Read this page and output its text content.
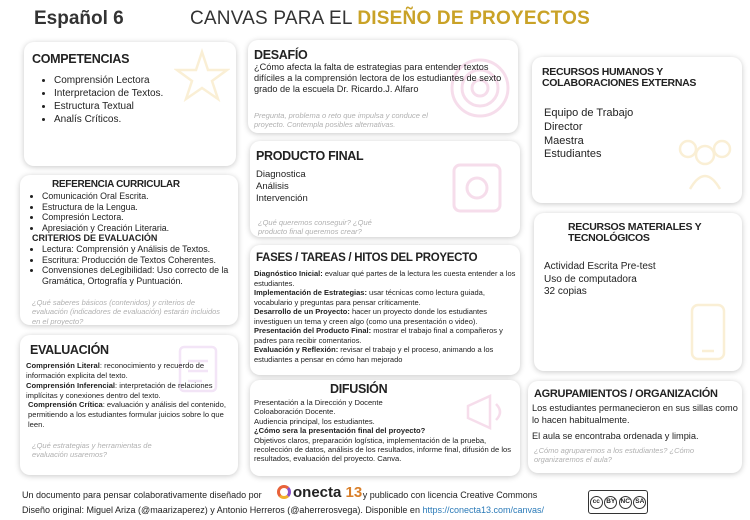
Español 6	CANVAS PARA EL DISEÑO DE PROYECTOS
COMPETENCIAS
• Comprensión Lectora
• Interpretacion de Textos.
• Estructura Textual
• Analís Críticos.
REFERENCIA CURRICULAR
• Comunicación Oral Escrita.
• Estructura de la Lengua.
• Compresión Lectora.
• Apresiación y Creación Literaria.
CRITERIOS DE EVALUACIÓN
• Lectura: Comprensión y Análisis de Textos.
• Escritura: Producción de Textos Coherentes.
• Convensiones deLegibilidad: Uso correcto de la Gramática, Ortografía y Puntuación.
¿Qué saberes básicos (contenidos) y criterios de evaluación (indicadores de evaluación) estarán incluidos en el proyecto?
EVALUACIÓN

Comprensión Literal: reconocimiento y recuerdo de información explicita del texto.

Comprensión Inferencial: interpretación de relaciones implícitas y conexiones dentro del texto.

Comprensión Crítica: evaluación y análisis del contenido, permitiendo a los estudiantes formular juicios sobre lo que leen.

¿Qué estrategias y herramientas de evaluación usaremos?
DESAFÍO
¿Cómo afecta la falta de estrategias para entender textos difíciles a la comprensión lectora de los estudiantes de sexto grado de la escuela Dr. Ricardo.J. Alfaro
Pregunta, problema o reto que impulsa y conduce el proyecto. Contempla posibles alternativas.
PRODUCTO FINAL
Diagnostica
Análisis
Intervención
¿Qué queremos conseguir? ¿Qué producto final queremos crear?
FASES / TAREAS / HITOS DEL PROYECTO

Diagnóstico Inicial: evaluar qué partes de la lectura les cuesta entender a los estudiantes.

Implementación de Estrategias: usar técnicas como lectura guiada, vocabulario y preguntas para pensar críticamente.

Desarrollo de un Proyecto: hacer un proyecto donde los estudiantes investiguen un tema y creen algo (como una presentación o video).

Presentación del Producto Final: mostrar el trabajo final a compañeros y padres para recibir comentarios.

Evaluación y Reflexión: revisar el trabajo y el proceso, animando a los estudiantes a pensar en cómo han mejorado

DIFUSIÓN
Presentación a la Dirección y Docente
Coloaboración Docente.
Audiencia principal, los estudiantes.
¿Cómo sera la presentación final del proyecto?
Objetivos claros, preparación logística, implementación de la prueba, recolección de datos, análisis de los resultados, informe final, difusión de los resultados, evaluación del proyecto. Canva.
RECURSOS HUMANOS Y COLABORACIONES EXTERNAS
Equipo de Trabajo
Director
Maestra
Estudiantes
RECURSOS MATERIALES Y TECNOLÓGICOS
Actividad Escrita Pre-test
Uso de computadora
32 copias
AGRUPAMIENTOS / ORGANIZACIÓN
Los estudiantes permanecieron en sus sillas como lo hacen habitualmente.
El aula se encontraba ordenada y limpia.
¿Cómo agruparemos a los estudiantes? ¿Cómo organizaremos el aula?
Un documento para pensar colaborativamente diseñado por	y publicado con licencia Creative Commons
onecta 13
Diseño original: Miguel Ariza (@maarizaperez) y Antonio Herreros (@aherrerosvega). Disponible en https://conecta13.com/canvas/
cc BY NC SA
